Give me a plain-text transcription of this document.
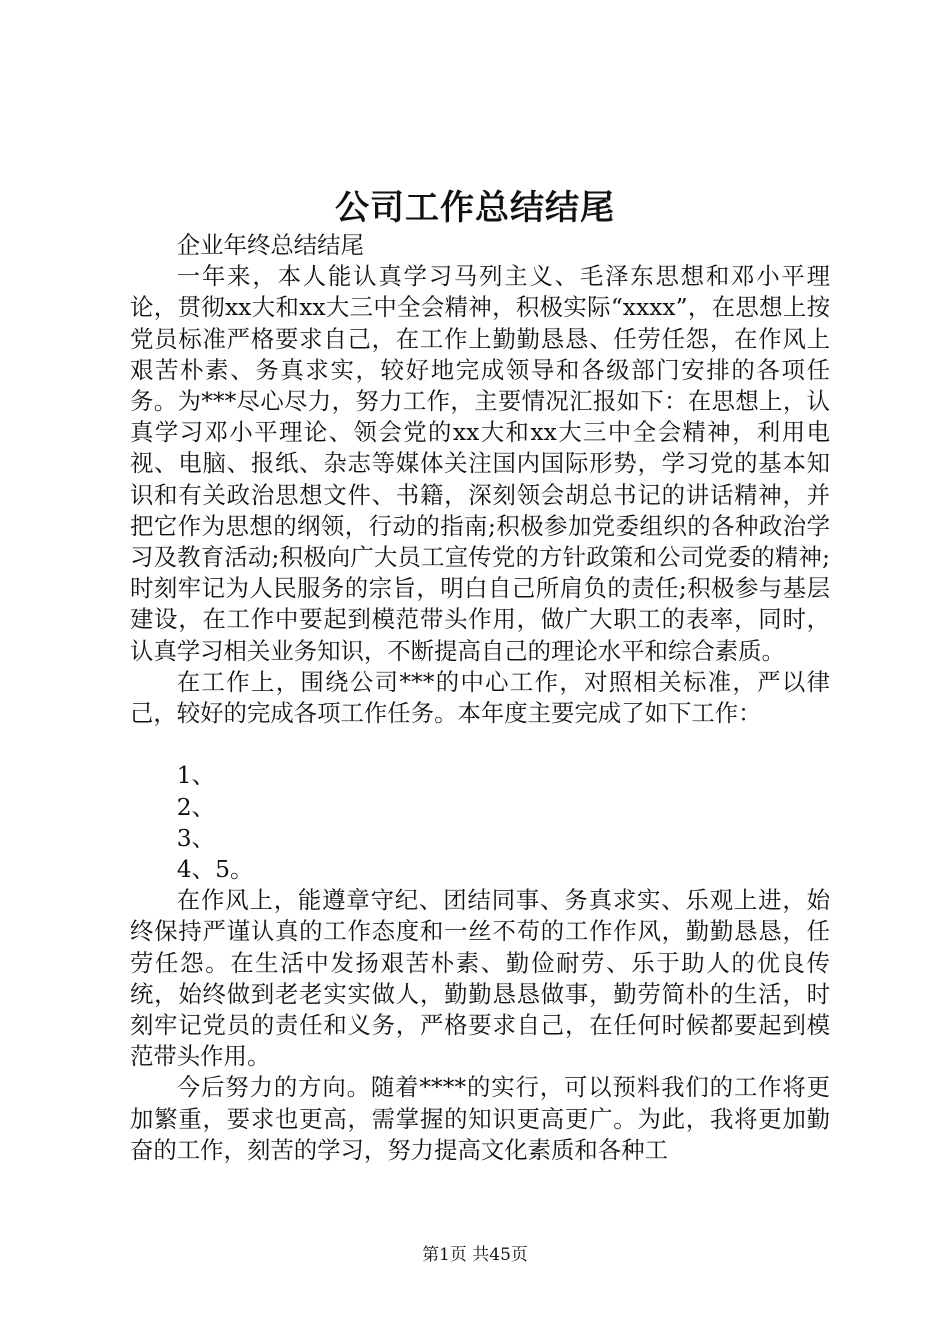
公司工作总结结尾

企业年终总结结尾

一年来，本人能认真学习马列主义、毛泽东思想和邓小平理论，贯彻xx大和xx大三中全会精神，积极实际“xxxx”，在思想上按党员标准严格要求自己，在工作上勤勤恳恳、任劳任怨，在作风上艰苦朴素、务真求实，较好地完成领导和各级部门安排的各项任务。为***尽心尽力，努力工作，主要情况汇报如下：在思想上，认真学习邓小平理论、领会党的xx大和xx大三中全会精神，利用电视、电脑、报纸、杂志等媒体关注国内国际形势，学习党的基本知识和有关政治思想文件、书籍，深刻领会胡总书记的讲话精神，并把它作为思想的纲领，行动的指南;积极参加党委组织的各种政治学习及教育活动;积极向广大员工宣传党的方针政策和公司党委的精神;时刻牢记为人民服务的宗旨，明白自己所肩负的责任;积极参与基层建设，在工作中要起到模范带头作用，做广大职工的表率，同时，认真学习相关业务知识，不断提高自己的理论水平和综合素质。

在工作上，围绕公司***的中心工作，对照相关标准，严以律己，较好的完成各项工作任务。本年度主要完成了如下工作：

1、

2、

3、

4、5。

在作风上，能遵章守纪、团结同事、务真求实、乐观上进，始终保持严谨认真的工作态度和一丝不苟的工作作风，勤勤恳恳，任劳任怨。在生活中发扬艰苦朴素、勤俭耐劳、乐于助人的优良传统，始终做到老老实实做人，勤勤恳恳做事，勤劳简朴的生活，时刻牢记党员的责任和义务，严格要求自己，在任何时候都要起到模范带头作用。

今后努力的方向。随着****的实行，可以预料我们的工作将更加繁重，要求也更高，需掌握的知识更高更广。为此，我将更加勤奋的工作，刻苦的学习，努力提高文化素质和各种工

第1页 共45页
